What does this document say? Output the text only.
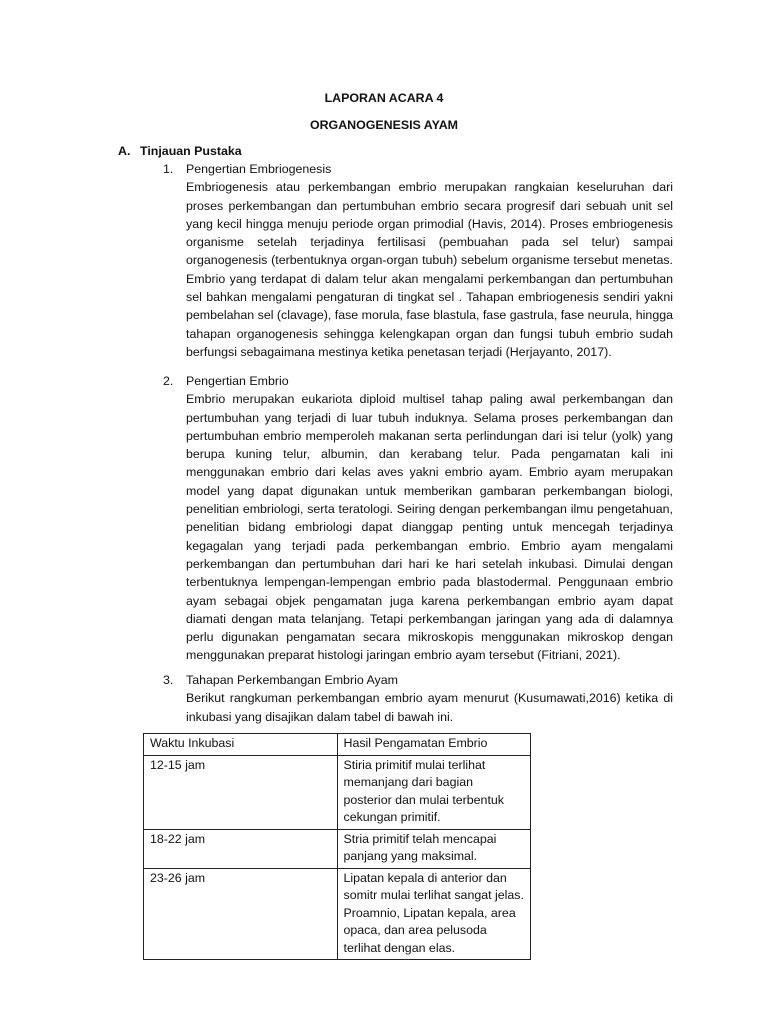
LAPORAN ACARA 4
ORGANOGENESIS AYAM
A. Tinjauan Pustaka
1. Pengertian Embriogenesis

Embriogenesis atau perkembangan embrio merupakan rangkaian keseluruhan dari proses perkembangan dan pertumbuhan embrio secara progresif dari sebuah unit sel yang kecil hingga menuju periode organ primodial (Havis, 2014). Proses embriogenesis organisme setelah terjadinya fertilisasi (pembuahan pada sel telur) sampai organogenesis (terbentuknya organ-organ tubuh) sebelum organisme tersebut menetas. Embrio yang terdapat di dalam telur akan mengalami perkembangan dan pertumbuhan sel bahkan mengalami pengaturan di tingkat sel . Tahapan embriogenesis sendiri yakni pembelahan sel (clavage), fase morula, fase blastula, fase gastrula, fase neurula, hingga tahapan organogenesis sehingga kelengkapan organ dan fungsi tubuh embrio sudah berfungsi sebagaimana mestinya ketika penetasan terjadi (Herjayanto, 2017).

2. Pengertian Embrio

Embrio merupakan eukariota diploid multisel tahap paling awal perkembangan dan pertumbuhan yang terjadi di luar tubuh induknya. Selama proses perkembangan dan pertumbuhan embrio memperoleh makanan serta perlindungan dari isi telur (yolk) yang berupa kuning telur, albumin, dan kerabang telur. Pada pengamatan kali ini menggunakan embrio dari kelas aves yakni embrio ayam. Embrio ayam merupakan model yang dapat digunakan untuk memberikan gambaran perkembangan biologi, penelitian embriologi, serta teratologi. Seiring dengan perkembangan ilmu pengetahuan, penelitian bidang embriologi dapat dianggap penting untuk mencegah terjadinya kegagalan yang terjadi pada perkembangan embrio. Embrio ayam mengalami perkembangan dan pertumbuhan dari hari ke hari setelah inkubasi. Dimulai dengan terbentuknya lempengan-lempengan embrio pada blastodermal. Penggunaan embrio ayam sebagai objek pengamatan juga karena perkembangan embrio ayam dapat diamati dengan mata telanjang. Tetapi perkembangan jaringan yang ada di dalamnya perlu digunakan pengamatan secara mikroskopis menggunakan mikroskop dengan menggunakan preparat histologi jaringan embrio ayam tersebut (Fitriani, 2021).

3. Tahapan Perkembangan Embrio Ayam

Berikut rangkuman perkembangan embrio ayam menurut (Kusumawati,2016) ketika di inkubasi yang disajikan dalam tabel di bawah ini.

Waktu Inkubasi	Hasil Pengamatan Embrio
12-15 jam	Stiria primitif mulai terlihat memanjang dari bagian posterior dan mulai terbentuk cekungan primitif.
18-22 jam	Stria primitif telah mencapai panjang yang maksimal.
23-26 jam	Lipatan kepala di anterior dan somitr mulai terlihat sangat jelas. Proamnio, Lipatan kepala, area opaca, dan area pelusoda terlihat dengan elas.
